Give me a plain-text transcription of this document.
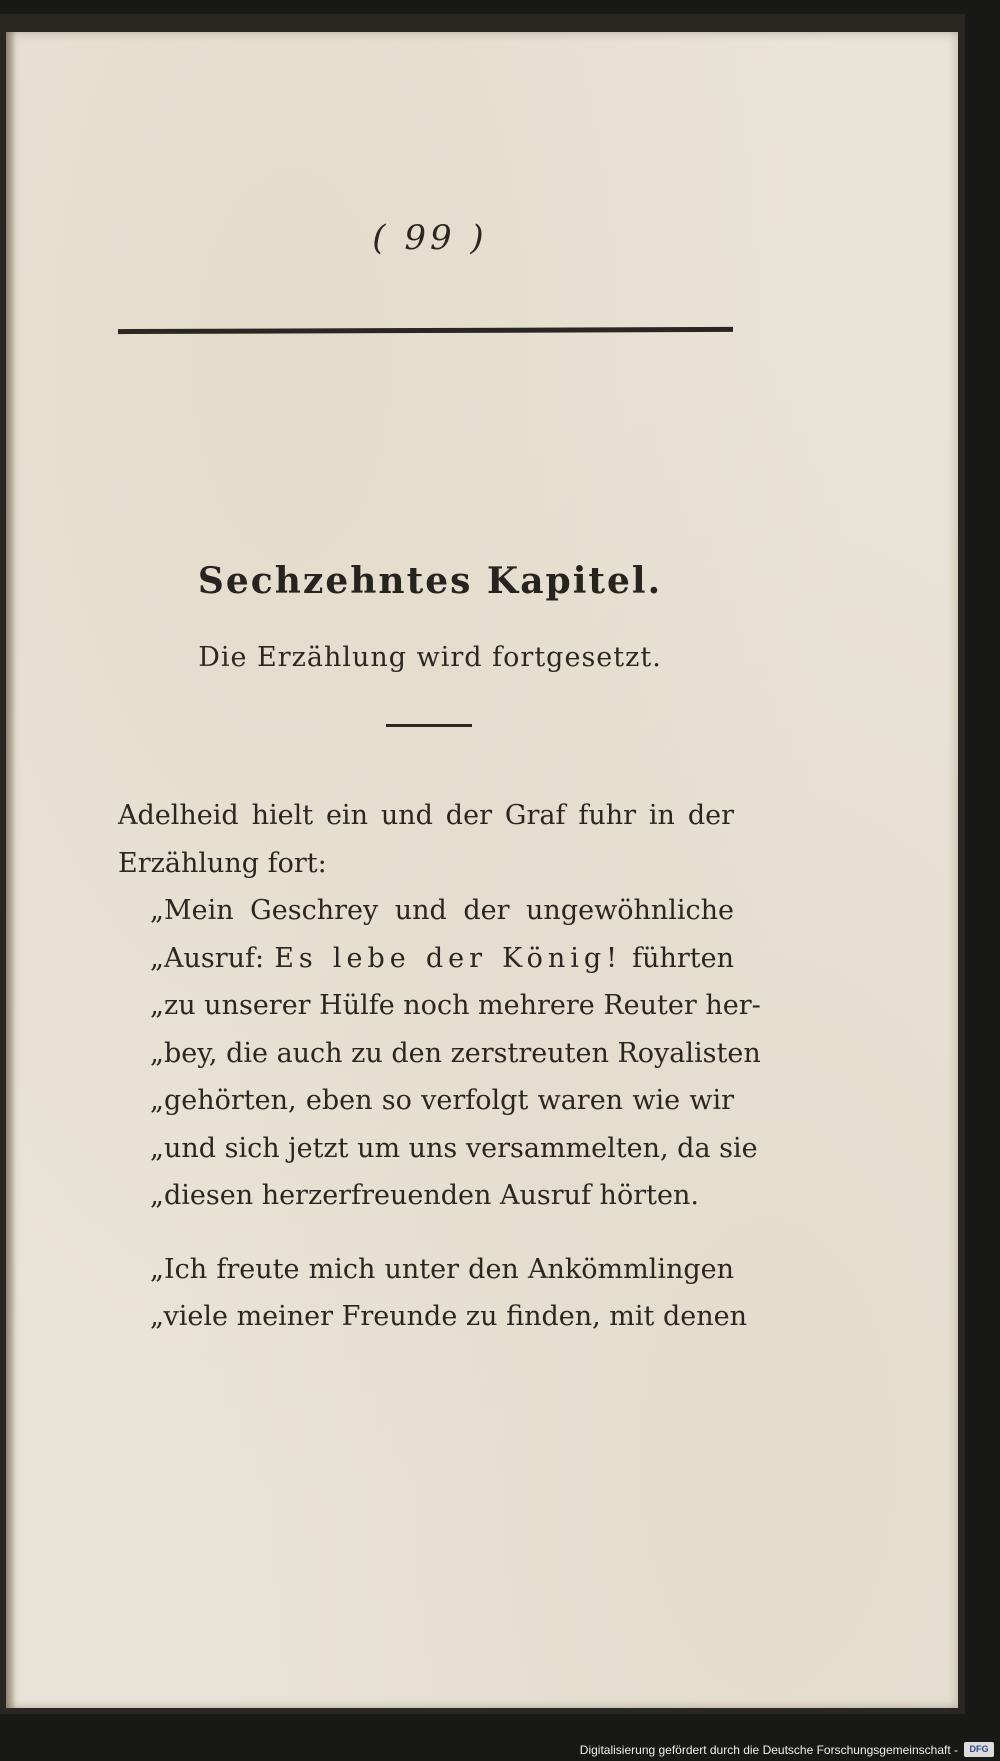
( 99 )
Sechzehntes Kapitel.
Die Erzählung wird fortgesetzt.
Adelheid hielt ein und der Graf fuhr in der
Erzählung fort:
„Mein Geschrey und der ungewöhnliche
„Ausruf: Es lebe der König! führten
„zu unserer Hülfe noch mehrere Reuter her-
„bey, die auch zu den zerstreuten Royalisten
„gehörten, eben so verfolgt waren wie wir
„und sich jetzt um uns versammelten, da sie
„diesen herzerfreuenden Ausruf hörten.
„Ich freute mich unter den Ankömmlingen
„viele meiner Freunde zu finden, mit denen
Digitalisierung gefördert durch die Deutsche Forschungsgemeinschaft -	DFG
